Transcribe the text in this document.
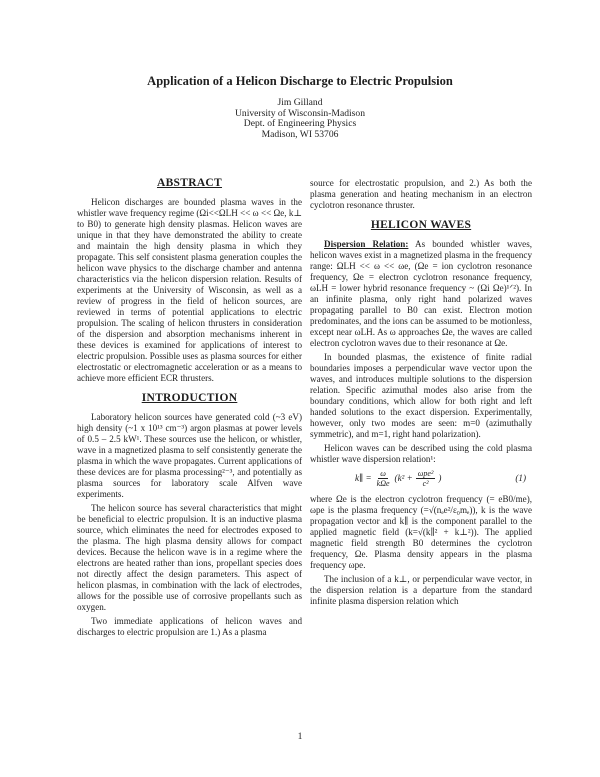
Application of a Helicon Discharge to Electric Propulsion
Jim Gilland
University of Wisconsin-Madison
Dept. of Engineering Physics
Madison, WI 53706
ABSTRACT

Helicon discharges are bounded plasma waves in the whistler wave frequency regime (Ωi<<ΩLH << ω << Ωe, k⊥ to B0) to generate high density plasmas. Helicon waves are unique in that they have demonstrated the ability to create and maintain the high density plasma in which they propagate. This self consistent plasma generation couples the helicon wave physics to the discharge chamber and antenna characteristics via the helicon dispersion relation. Results of experiments at the University of Wisconsin, as well as a review of progress in the field of helicon sources, are reviewed in terms of potential applications to electric propulsion. The scaling of helicon thrusters in consideration of the dispersion and absorption mechanisms inherent in these devices is examined for applications of interest to electric propulsion. Possible uses as plasma sources for either electrostatic or electromagnetic acceleration or as a means to achieve more efficient ECR thrusters.

INTRODUCTION

Laboratory helicon sources have generated cold (~3 eV) high density (~1 x 10¹³ cm⁻³) argon plasmas at power levels of 0.5 – 2.5 kW¹. These sources use the helicon, or whistler, wave in a magnetized plasma to self consistently generate the plasma in which the wave propagates. Current applications of these devices are for plasma processing²⁻³, and potentially as plasma sources for laboratory scale Alfven wave experiments.

The helicon source has several characteristics that might be beneficial to electric propulsion. It is an inductive plasma source, which eliminates the need for electrodes exposed to the plasma. The high plasma density allows for compact devices. Because the helicon wave is in a regime where the electrons are heated rather than ions, propellant species does not directly affect the design parameters. This aspect of helicon plasmas, in combination with the lack of electrodes, allows for the possible use of corrosive propellants such as oxygen.

Two immediate applications of helicon waves and discharges to electric propulsion are 1.) As a plasma

source for electrostatic propulsion, and 2.) As both the plasma generation and heating mechanism in an electron cyclotron resonance thruster.

HELICON WAVES

Dispersion Relation: As bounded whistler waves, helicon waves exist in a magnetized plasma in the frequency range: ΩLH << ω << ωe, (Ωe = ion cyclotron resonance frequency, Ωe = electron cyclotron resonance frequency, ωLH = lower hybrid resonance frequency ~ (Ωi Ωe)¹ᐟ²). In an infinite plasma, only right hand polarized waves propagating parallel to B0 can exist. Electron motion predominates, and the ions can be assumed to be motionless, except near ωLH. As ω approaches Ωe, the waves are called electron cyclotron waves due to their resonance at Ωe.

In bounded plasmas, the existence of finite radial boundaries imposes a perpendicular wave vector upon the waves, and introduces multiple solutions to the dispersion relation. Specific azimuthal modes also arise from the boundary conditions, which allow for both right and left handed solutions to the exact dispersion. Experimentally, however, only two modes are seen: m=0 (azimuthally symmetric), and m=1, right hand polarization).

Helicon waves can be described using the cold plasma whistler wave dispersion relation¹:

k∥ = $\frac{\omega}{\text{kΩe}} (k^2 + \frac{\text{ωpe²}}{\text{c²}}$ )	(1)

where Ωe is the electron cyclotron frequency (= eB0/me), ωpe is the plasma frequency (=√(nₑe²/ε₀mₑ)), k is the wave propagation vector and k∥ is the component parallel to the applied magnetic field (k=√(k∥² + k⊥²)). The applied magnetic field strength B0 determines the cyclotron frequency, Ωe. Plasma density appears in the plasma frequency ωpe.

The inclusion of a k⊥, or perpendicular wave vector, in the dispersion relation is a departure from the standard infinite plasma dispersion relation which

1
